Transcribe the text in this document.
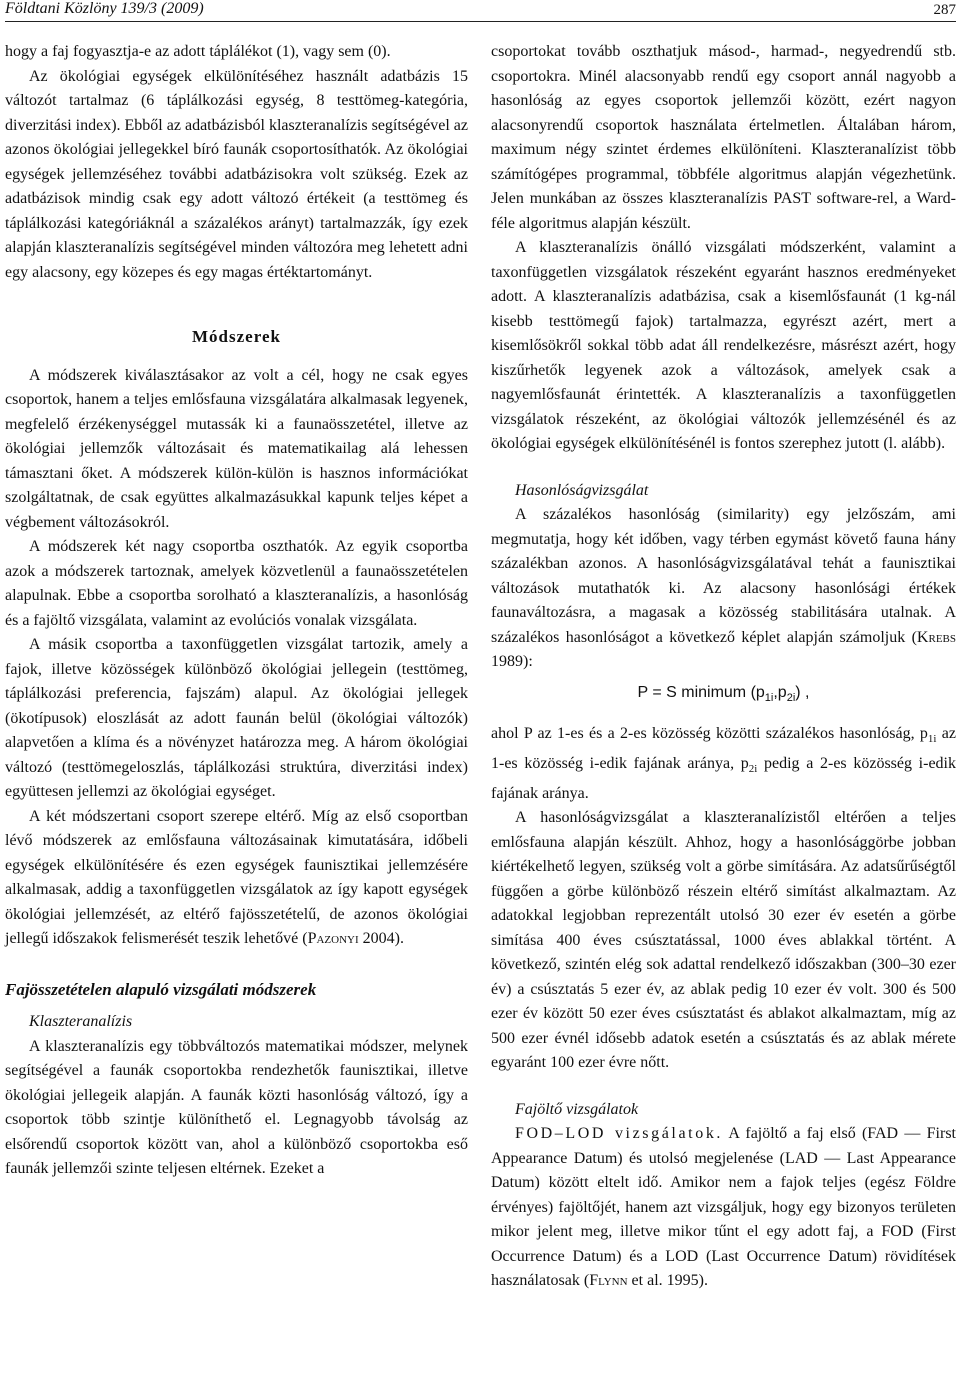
Földtani Közlöny 139/3 (2009)	287

hogy a faj fogyasztja-e az adott táplálékot (1), vagy sem (0).

Az ökológiai egységek elkülönítéséhez használt adatbázis 15 változót tartalmaz (6 táplálkozási egység, 8 testtömeg-kategória, diverzitási index). Ebből az adatbázisból klaszteranalízis segítségével az azonos ökológiai jellegekkel bíró faunák csoportosíthatók. Az ökológiai egységek jellemzéséhez további adatbázisokra volt szükség. Ezek az adatbázisok mindig csak egy adott változó értékeit (a testtömeg és táplálkozási kategóriáknál a százalékos arányt) tartalmazzák, így ezek alapján klaszteranalízis segítségével minden változóra meg lehetett adni egy alacsony, egy közepes és egy magas értéktartományt.

Módszerek

A módszerek kiválasztásakor az volt a cél, hogy ne csak egyes csoportok, hanem a teljes emlősfauna vizsgálatára alkalmasak legyenek, megfelelő érzékenységgel mutassák ki a faunaösszetétel, illetve az ökológiai jellemzők változásait és matematikailag alá lehessen támasztani őket. A módszerek külön-külön is hasznos információkat szolgáltatnak, de csak együttes alkalmazásukkal kapunk teljes képet a végbement változásokról.

A módszerek két nagy csoportba oszthatók. Az egyik csoportba azok a módszerek tartoznak, amelyek közvetlenül a faunaösszetételen alapulnak. Ebbe a csoportba sorolható a klaszteranalízis, a hasonlóság és a fajöltő vizsgálata, valamint az evolúciós vonalak vizsgálata.

A másik csoportba a taxonfüggetlen vizsgálat tartozik, amely a fajok, illetve közösségek különböző ökológiai jellegein (testtömeg, táplálkozási preferencia, fajszám) alapul. Az ökológiai jellegek (ökotípusok) eloszlását az adott faunán belül (ökológiai változók) alapvetően a klíma és a növényzet határozza meg. A három ökológiai változó (testtömegeloszlás, táplálkozási struktúra, diverzitási index) együttesen jellemzi az ökológiai egységet.

A két módszertani csoport szerepe eltérő. Míg az első csoportban lévő módszerek az emlősfauna változásainak kimutatására, időbeli egységek elkülönítésére és ezen egységek faunisztikai jellemzésére alkalmasak, addig a taxonfüggetlen vizsgálatok az így kapott egységek ökológiai jellemzését, az eltérő fajösszetételű, de azonos ökológiai jellegű időszakok felismerését teszik lehetővé (Pazonyi 2004).

Fajösszetételen alapuló vizsgálati módszerek
Klaszteranalízis

A klaszteranalízis egy többváltozós matematikai módszer, melynek segítségével a faunák csoportokba rendezhetők faunisztikai, illetve ökológiai jellegeik alapján. A faunák közti hasonlóság változó, így a csoportok több szintje különíthető el. Legnagyobb távolság az elsőrendű csoportok között van, ahol a különböző csoportokba eső faunák jellemzői szinte teljesen eltérnek. Ezeket a

csoportokat tovább oszthatjuk másod-, harmad-, negyedrendű stb. csoportokra. Minél alacsonyabb rendű egy csoport annál nagyobb a hasonlóság az egyes csoportok jellemzői között, ezért nagyon alacsonyrendű csoportok használata értelmetlen. Általában három, maximum négy szintet érdemes elkülöníteni. Klaszteranalízist több számítógépes programmal, többféle algoritmus alapján végezhetünk. Jelen munkában az összes klaszteranalízis PAST software-rel, a Ward-féle algoritmus alapján készült.

A klaszteranalízis önálló vizsgálati módszerként, valamint a taxonfüggetlen vizsgálatok részeként egyaránt hasznos eredményeket adott. A klaszteranalízis adatbázisa, csak a kisemlősfaunát (1 kg-nál kisebb testtömegű fajok) tartalmazza, egyrészt azért, mert a kisemlősökről sokkal több adat áll rendelkezésre, másrészt azért, hogy kiszűrhetők legyenek azok a változások, amelyek csak a nagyemlősfaunát érintették. A klaszteranalízis a taxonfüggetlen vizsgálatok részeként, az ökológiai változók jellemzésénél és az ökológiai egységek elkülönítésénél is fontos szerephez jutott (l. alább).

Hasonlóságvizsgálat

A százalékos hasonlóság (similarity) egy jelzőszám, ami megmutatja, hogy két időben, vagy térben egymást követő fauna hány százalékban azonos. A hasonlóságvizsgálatával tehát a faunisztikai változások mutathatók ki. Az alacsony hasonlósági értékek faunaváltozásra, a magasak a közösség stabilitására utalnak. A százalékos hasonlóságot a következő képlet alapján számoljuk (Krebs 1989):

P = S minimum $(p_{1i},p_{2i})$ ,

ahol P az 1-es és a 2-es közösség közötti százalékos hasonlóság, $p_{1i}$ az 1-es közösség i-edik fajának aránya, $p_{2i}$ pedig a 2-es közösség i-edik fajának aránya.

A hasonlóságvizsgálat a klaszteranalízistől eltérően a teljes emlősfauna alapján készült. Ahhoz, hogy a hasonlósággörbe jobban kiértékelhető legyen, szükség volt a görbe simítására. Az adatsűrűségtől függően a görbe különböző részein eltérő simítást alkalmaztam. Az adatokkal legjobban reprezentált utolsó 30 ezer év esetén a görbe simítása 400 éves csúsztatással, 1000 éves ablakkal történt. A következő, szintén elég sok adattal rendelkező időszakban (300–30 ezer év) a csúsztatás 5 ezer év, az ablak pedig 10 ezer év volt. 300 és 500 ezer év között 50 ezer éves csúsztatást és ablakot alkalmaztam, míg az 500 ezer évnél idősebb adatok esetén a csúsztatás és az ablak mérete egyaránt 100 ezer évre nőtt.

Fajöltő vizsgálatok

FOD–LOD vizsgálatok. A fajöltő a faj első (FAD — First Appearance Datum) és utolsó megjelenése (LAD — Last Appearance Datum) között eltelt idő. Amikor nem a fajok teljes (egész Földre érvényes) fajöltőjét, hanem azt vizsgáljuk, hogy egy bizonyos területen mikor jelent meg, illetve mikor tűnt el egy adott faj, a FOD (First Occurrence Datum) és a LOD (Last Occurrence Datum) rövidítések használatosak (Flynn et al. 1995).
